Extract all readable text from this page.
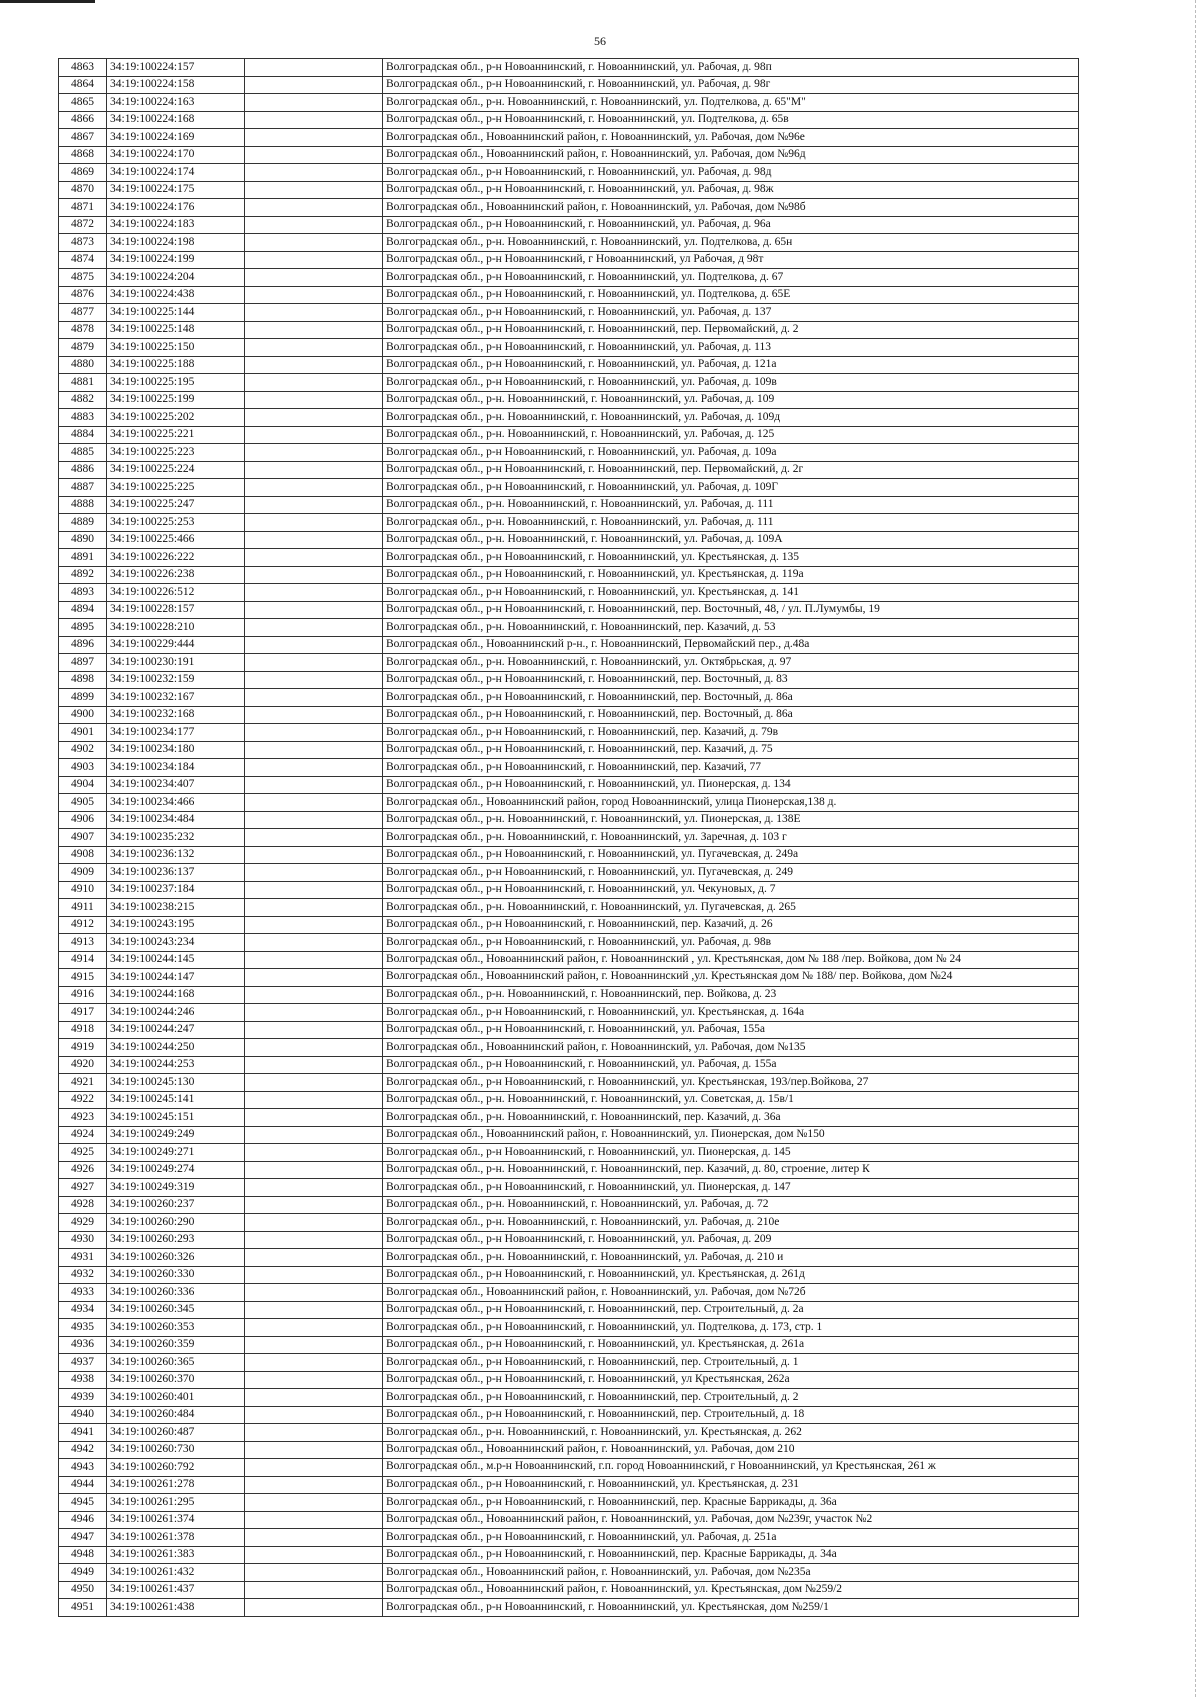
56
4863	34:19:100224:157		Волгоградская обл., р-н Новоаннинский, г. Новоаннинский, ул. Рабочая, д. 98п
4864	34:19:100224:158		Волгоградская обл., р-н Новоаннинский, г. Новоаннинский, ул. Рабочая, д. 98г
4865	34:19:100224:163		Волгоградская обл., р-н. Новоаннинский, г. Новоаннинский, ул. Подтелкова, д. 65"М"
4866	34:19:100224:168		Волгоградская обл., р-н Новоаннинский, г. Новоаннинский, ул. Подтелкова, д. 65в
4867	34:19:100224:169		Волгоградская обл., Новоаннинский район, г. Новоаннинский, ул. Рабочая, дом №96е
4868	34:19:100224:170		Волгоградская обл., Новоаннинский район, г. Новоаннинский, ул. Рабочая, дом №96д
4869	34:19:100224:174		Волгоградская обл., р-н Новоаннинский, г. Новоаннинский, ул. Рабочая, д. 98д
4870	34:19:100224:175		Волгоградская обл., р-н Новоаннинский, г. Новоаннинский, ул. Рабочая, д. 98ж
4871	34:19:100224:176		Волгоградская обл., Новоаннинский район, г. Новоаннинский, ул. Рабочая, дом №98б
4872	34:19:100224:183		Волгоградская обл., р-н Новоаннинский, г. Новоаннинский, ул. Рабочая, д. 96а
4873	34:19:100224:198		Волгоградская обл., р-н. Новоаннинский, г. Новоаннинский, ул. Подтелкова, д. 65н
4874	34:19:100224:199		Волгоградская обл., р-н Новоаннинский, г Новоаннинский, ул Рабочая, д 98т
4875	34:19:100224:204		Волгоградская обл., р-н Новоаннинский, г. Новоаннинский, ул. Подтелкова, д. 67
4876	34:19:100224:438		Волгоградская обл., р-н Новоаннинский, г. Новоаннинский, ул. Подтелкова, д. 65Е
4877	34:19:100225:144		Волгоградская обл., р-н Новоаннинский, г. Новоаннинский, ул. Рабочая, д. 137
4878	34:19:100225:148		Волгоградская обл., р-н Новоаннинский, г. Новоаннинский, пер. Первомайский, д. 2
4879	34:19:100225:150		Волгоградская обл., р-н Новоаннинский, г. Новоаннинский, ул. Рабочая, д. 113
4880	34:19:100225:188		Волгоградская обл., р-н Новоаннинский, г. Новоаннинский, ул. Рабочая, д. 121а
4881	34:19:100225:195		Волгоградская обл., р-н Новоаннинский, г. Новоаннинский, ул. Рабочая, д. 109в
4882	34:19:100225:199		Волгоградская обл., р-н. Новоаннинский, г. Новоаннинский, ул. Рабочая, д. 109
4883	34:19:100225:202		Волгоградская обл., р-н. Новоаннинский, г. Новоаннинский, ул. Рабочая, д. 109д
4884	34:19:100225:221		Волгоградская обл., р-н. Новоаннинский, г. Новоаннинский, ул. Рабочая, д. 125
4885	34:19:100225:223		Волгоградская обл., р-н Новоаннинский, г. Новоаннинский, ул. Рабочая, д. 109а
4886	34:19:100225:224		Волгоградская обл., р-н Новоаннинский, г. Новоаннинский, пер. Первомайский, д. 2г
4887	34:19:100225:225		Волгоградская обл., р-н Новоаннинский, г. Новоаннинский, ул. Рабочая, д. 109Г
4888	34:19:100225:247		Волгоградская обл., р-н. Новоаннинский, г. Новоаннинский, ул. Рабочая, д. 111
4889	34:19:100225:253		Волгоградская обл., р-н. Новоаннинский, г. Новоаннинский, ул. Рабочая, д. 111
4890	34:19:100225:466		Волгоградская обл., р-н. Новоаннинский, г. Новоаннинский, ул. Рабочая, д. 109А
4891	34:19:100226:222		Волгоградская обл., р-н Новоаннинский, г. Новоаннинский, ул. Крестьянская, д. 135
4892	34:19:100226:238		Волгоградская обл., р-н Новоаннинский, г. Новоаннинский, ул. Крестьянская, д. 119а
4893	34:19:100226:512		Волгоградская обл., р-н Новоаннинский, г. Новоаннинский, ул. Крестьянская, д. 141
4894	34:19:100228:157		Волгоградская обл., р-н Новоаннинский, г. Новоаннинский, пер. Восточный, 48, / ул. П.Лумумбы, 19
4895	34:19:100228:210		Волгоградская обл., р-н. Новоаннинский, г. Новоаннинский, пер. Казачий, д. 53
4896	34:19:100229:444		Волгоградская обл., Новоаннинский р-н., г. Новоаннинский, Первомайский пер., д.48а
4897	34:19:100230:191		Волгоградская обл., р-н. Новоаннинский, г. Новоаннинский, ул. Октябрьская, д. 97
4898	34:19:100232:159		Волгоградская обл., р-н Новоаннинский, г. Новоаннинский, пер. Восточный, д. 83
4899	34:19:100232:167		Волгоградская обл., р-н Новоаннинский, г. Новоаннинский, пер. Восточный, д. 86а
4900	34:19:100232:168		Волгоградская обл., р-н Новоаннинский, г. Новоаннинский, пер. Восточный, д. 86а
4901	34:19:100234:177		Волгоградская обл., р-н Новоаннинский, г. Новоаннинский, пер. Казачий, д. 79в
4902	34:19:100234:180		Волгоградская обл., р-н Новоаннинский, г. Новоаннинский, пер. Казачий, д. 75
4903	34:19:100234:184		Волгоградская обл., р-н Новоаннинский, г. Новоаннинский, пер. Казачий, 77
4904	34:19:100234:407		Волгоградская обл., р-н Новоаннинский, г. Новоаннинский, ул. Пионерская, д. 134
4905	34:19:100234:466		Волгоградская обл., Новоаннинский район, город Новоаннинский, улица Пионерская,138 д.
4906	34:19:100234:484		Волгоградская обл., р-н. Новоаннинский, г. Новоаннинский, ул. Пионерская, д. 138Е
4907	34:19:100235:232		Волгоградская обл., р-н. Новоаннинский, г. Новоаннинский, ул. Заречная, д. 103 г
4908	34:19:100236:132		Волгоградская обл., р-н Новоаннинский, г. Новоаннинский, ул. Пугачевская, д. 249а
4909	34:19:100236:137		Волгоградская обл., р-н Новоаннинский, г. Новоаннинский, ул. Пугачевская, д. 249
4910	34:19:100237:184		Волгоградская обл., р-н Новоаннинский, г. Новоаннинский, ул. Чекуновых, д. 7
4911	34:19:100238:215		Волгоградская обл., р-н. Новоаннинский, г. Новоаннинский, ул. Пугачевская, д. 265
4912	34:19:100243:195		Волгоградская обл., р-н Новоаннинский, г. Новоаннинский, пер. Казачий, д. 26
4913	34:19:100243:234		Волгоградская обл., р-н Новоаннинский, г. Новоаннинский, ул. Рабочая, д. 98в
4914	34:19:100244:145		Волгоградская обл., Новоаннинский район, г. Новоаннинский , ул. Крестьянская, дом № 188 /пер. Войкова, дом № 24
4915	34:19:100244:147		Волгоградская обл., Новоаннинский район, г. Новоаннинский ,ул. Крестьянская дом № 188/ пер. Войкова, дом №24
4916	34:19:100244:168		Волгоградская обл., р-н. Новоаннинский, г. Новоаннинский, пер. Войкова, д. 23
4917	34:19:100244:246		Волгоградская обл., р-н Новоаннинский, г. Новоаннинский, ул. Крестьянская, д. 164а
4918	34:19:100244:247		Волгоградская обл., р-н Новоаннинский, г. Новоаннинский, ул. Рабочая, 155а
4919	34:19:100244:250		Волгоградская обл., Новоаннинский район, г. Новоаннинский, ул. Рабочая, дом №135
4920	34:19:100244:253		Волгоградская обл., р-н Новоаннинский, г. Новоаннинский, ул. Рабочая, д. 155а
4921	34:19:100245:130		Волгоградская обл., р-н Новоаннинский, г. Новоаннинский, ул. Крестьянская, 193/пер.Войкова, 27
4922	34:19:100245:141		Волгоградская обл., р-н. Новоаннинский, г. Новоаннинский, ул. Советская, д. 15в/1
4923	34:19:100245:151		Волгоградская обл., р-н. Новоаннинский, г. Новоаннинский, пер. Казачий, д. 36а
4924	34:19:100249:249		Волгоградская обл., Новоаннинский район, г. Новоаннинский, ул. Пионерская, дом №150
4925	34:19:100249:271		Волгоградская обл., р-н Новоаннинский, г. Новоаннинский, ул. Пионерская, д. 145
4926	34:19:100249:274		Волгоградская обл., р-н. Новоаннинский, г. Новоаннинский, пер. Казачий, д. 80, строение, литер К
4927	34:19:100249:319		Волгоградская обл., р-н Новоаннинский, г. Новоаннинский, ул. Пионерская, д. 147
4928	34:19:100260:237		Волгоградская обл., р-н. Новоаннинский, г. Новоаннинский, ул. Рабочая, д. 72
4929	34:19:100260:290		Волгоградская обл., р-н. Новоаннинский, г. Новоаннинский, ул. Рабочая, д. 210е
4930	34:19:100260:293		Волгоградская обл., р-н Новоаннинский, г. Новоаннинский, ул. Рабочая, д. 209
4931	34:19:100260:326		Волгоградская обл., р-н. Новоаннинский, г. Новоаннинский, ул. Рабочая, д. 210 и
4932	34:19:100260:330		Волгоградская обл., р-н Новоаннинский, г. Новоаннинский, ул. Крестьянская, д. 261д
4933	34:19:100260:336		Волгоградская обл., Новоаннинский район, г. Новоаннинский, ул. Рабочая, дом №72б
4934	34:19:100260:345		Волгоградская обл., р-н Новоаннинский, г. Новоаннинский, пер. Строительный, д. 2а
4935	34:19:100260:353		Волгоградская обл., р-н Новоаннинский, г. Новоаннинский, ул. Подтелкова, д. 173, стр. 1
4936	34:19:100260:359		Волгоградская обл., р-н Новоаннинский, г. Новоаннинский, ул. Крестьянская, д. 261а
4937	34:19:100260:365		Волгоградская обл., р-н Новоаннинский, г. Новоаннинский, пер. Строительный, д. 1
4938	34:19:100260:370		Волгоградская обл., р-н Новоаннинский, г. Новоаннинский, ул Крестьянская, 262а
4939	34:19:100260:401		Волгоградская обл., р-н Новоаннинский, г. Новоаннинский, пер. Строительный, д. 2
4940	34:19:100260:484		Волгоградская обл., р-н Новоаннинский, г. Новоаннинский, пер. Строительный, д. 18
4941	34:19:100260:487		Волгоградская обл., р-н. Новоаннинский, г. Новоаннинский, ул. Крестьянская, д. 262
4942	34:19:100260:730		Волгоградская обл., Новоаннинский район, г. Новоаннинский, ул. Рабочая, дом 210
4943	34:19:100260:792		Волгоградская обл., м.р-н Новоаннинский, г.п. город Новоаннинский, г Новоаннинский, ул Крестьянская, 261 ж
4944	34:19:100261:278		Волгоградская обл., р-н Новоаннинский, г. Новоаннинский, ул. Крестьянская, д. 231
4945	34:19:100261:295		Волгоградская обл., р-н Новоаннинский, г. Новоаннинский, пер. Красные Баррикады, д. 36а
4946	34:19:100261:374		Волгоградская обл., Новоаннинский район, г. Новоаннинский, ул. Рабочая, дом №239г, участок №2
4947	34:19:100261:378		Волгоградская обл., р-н Новоаннинский, г. Новоаннинский, ул. Рабочая, д. 251а
4948	34:19:100261:383		Волгоградская обл., р-н Новоаннинский, г. Новоаннинский, пер. Красные Баррикады, д. 34а
4949	34:19:100261:432		Волгоградская обл., Новоаннинский район, г. Новоаннинский, ул. Рабочая, дом №235а
4950	34:19:100261:437		Волгоградская обл., Новоаннинский район, г. Новоаннинский, ул. Крестьянская, дом №259/2
4951	34:19:100261:438		Волгоградская обл., р-н Новоаннинский, г. Новоаннинский, ул. Крестьянская, дом №259/1
